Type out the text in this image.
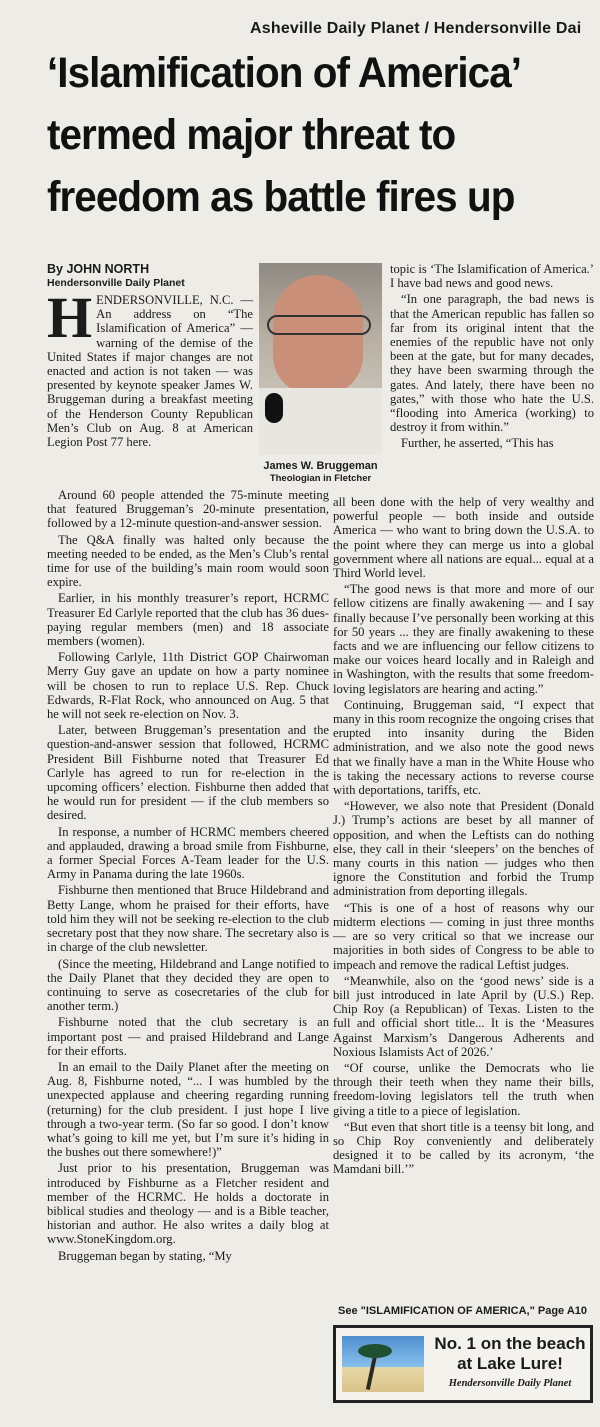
Asheville Daily Planet / Hendersonville Dai
‘Islamification of America’
termed major threat to
freedom as battle fires up
By JOHN NORTH
Hendersonville Daily Planet

HENDERSONVILLE, N.C. — An address on “The Islamification of America” — warning of the demise of the United States if major changes are not enacted and action is not taken — was presented by keynote speaker James W. Bruggeman during a breakfast meeting of the Henderson County Republican Men’s Club on Aug. 8 at American Legion Post 77 here.

James W. Bruggeman
Theologian in Fletcher

Around 60 people attended the 75-minute meeting that featured Bruggeman’s 20-minute presentation, followed by a 12-minute question-and-answer session.

The Q&A finally was halted only because the meeting needed to be ended, as the Men’s Club’s rental time for use of the building’s main room would soon expire.

Earlier, in his monthly treasurer’s report, HCRMC Treasurer Ed Carlyle reported that the club has 36 dues-paying regular members (men) and 18 associate members (women).

Following Carlyle, 11th District GOP Chairwoman Merry Guy gave an update on how a party nominee will be chosen to run to replace U.S. Rep. Chuck Edwards, R-Flat Rock, who announced on Aug. 5 that he will not seek re-election on Nov. 3.

Later, between Bruggeman’s presentation and the question-and-answer session that followed, HCRMC President Bill Fishburne noted that Treasurer Ed Carlyle has agreed to run for re-election in the upcoming officers’ election. Fishburne then added that he would run for president — if the club members so desired.

In response, a number of HCRMC members cheered and applauded, drawing a broad smile from Fishburne, a former Special Forces A-Team leader for the U.S. Army in Panama during the late 1960s.

Fishburne then mentioned that Bruce Hildebrand and Betty Lange, whom he praised for their efforts, have told him they will not be seeking re-election to the club secretary post that they now share. The secretary also is in charge of the club newsletter.

(Since the meeting, Hildebrand and Lange notified to the Daily Planet that they decided they are open to continuing to serve as cosecretaries of the club for another term.)

Fishburne noted that the club secretary is an important post — and praised Hildebrand and Lange for their efforts.

In an email to the Daily Planet after the meeting on Aug. 8, Fishburne noted, “... I was humbled by the unexpected applause and cheering regarding running (returning) for the club president. I just hope I live through a two-year term. (So far so good. I don’t know what’s going to kill me yet, but I’m sure it’s hiding in the bushes out there somewhere!)”

Just prior to his presentation, Bruggeman was introduced by Fishburne as a Fletcher resident and member of the HCRMC. He holds a doctorate in biblical studies and theology — and is a Bible teacher, historian and author. He also writes a daily blog at www.StoneKingdom.org.

Bruggeman began by stating, “My

topic is ‘The Islamification of America.’ I have bad news and good news.

“In one paragraph, the bad news is that the American republic has fallen so far from its original intent that the enemies of the republic have not only been at the gate, but for many decades, they have been swarming through the gates. And lately, there have been no gates,” with those who hate the U.S. “flooding into America (working) to destroy it from within.”

Further, he asserted, “This has

all been done with the help of very wealthy and powerful people — both inside and outside America — who want to bring down the U.S.A. to the point where they can merge us into a global government where all nations are equal... equal at a Third World level.

“The good news is that more and more of our fellow citizens are finally awakening — and I say finally because I’ve personally been working at this for 50 years ... they are finally awakening to these facts and we are influencing our fellow citizens to make our voices heard locally and in Raleigh and in Washington, with the results that some freedom-loving legislators are hearing and acting.”

Continuing, Bruggeman said, “I expect that many in this room recognize the ongoing crises that erupted into insanity during the Biden administration, and we also note the good news that we finally have a man in the White House who is taking the necessary actions to reverse course with deportations, tariffs, etc.

“However, we also note that President (Donald J.) Trump’s actions are beset by all manner of opposition, and when the Leftists can do nothing else, they call in their ‘sleepers’ on the benches of many courts in this nation — judges who then ignore the Constitution and forbid the Trump administration from deporting illegals.

“This is one of a host of reasons why our midterm elections — coming in just three months — are so very critical so that we increase our majorities in both sides of Congress to be able to impeach and remove the radical Leftist judges.

“Meanwhile, also on the ‘good news’ side is a bill just introduced in late April by (U.S.) Rep. Chip Roy (a Republican) of Texas. Listen to the full and official short title... It is the ‘Measures Against Marxism’s Dangerous Adherents and Noxious Islamists Act of 2026.’

“Of course, unlike the Democrats who lie through their teeth when they name their bills, freedom-loving legislators tell the truth when giving a title to a piece of legislation.

“But even that short title is a teensy bit long, and so Chip Roy conveniently and deliberately designed it to be called by its acronym, ‘the Mamdani bill.’”

See "ISLAMIFICATION OF AMERICA," Page A10
No. 1 on the beach
at Lake Lure!
Hendersonville Daily Planet
